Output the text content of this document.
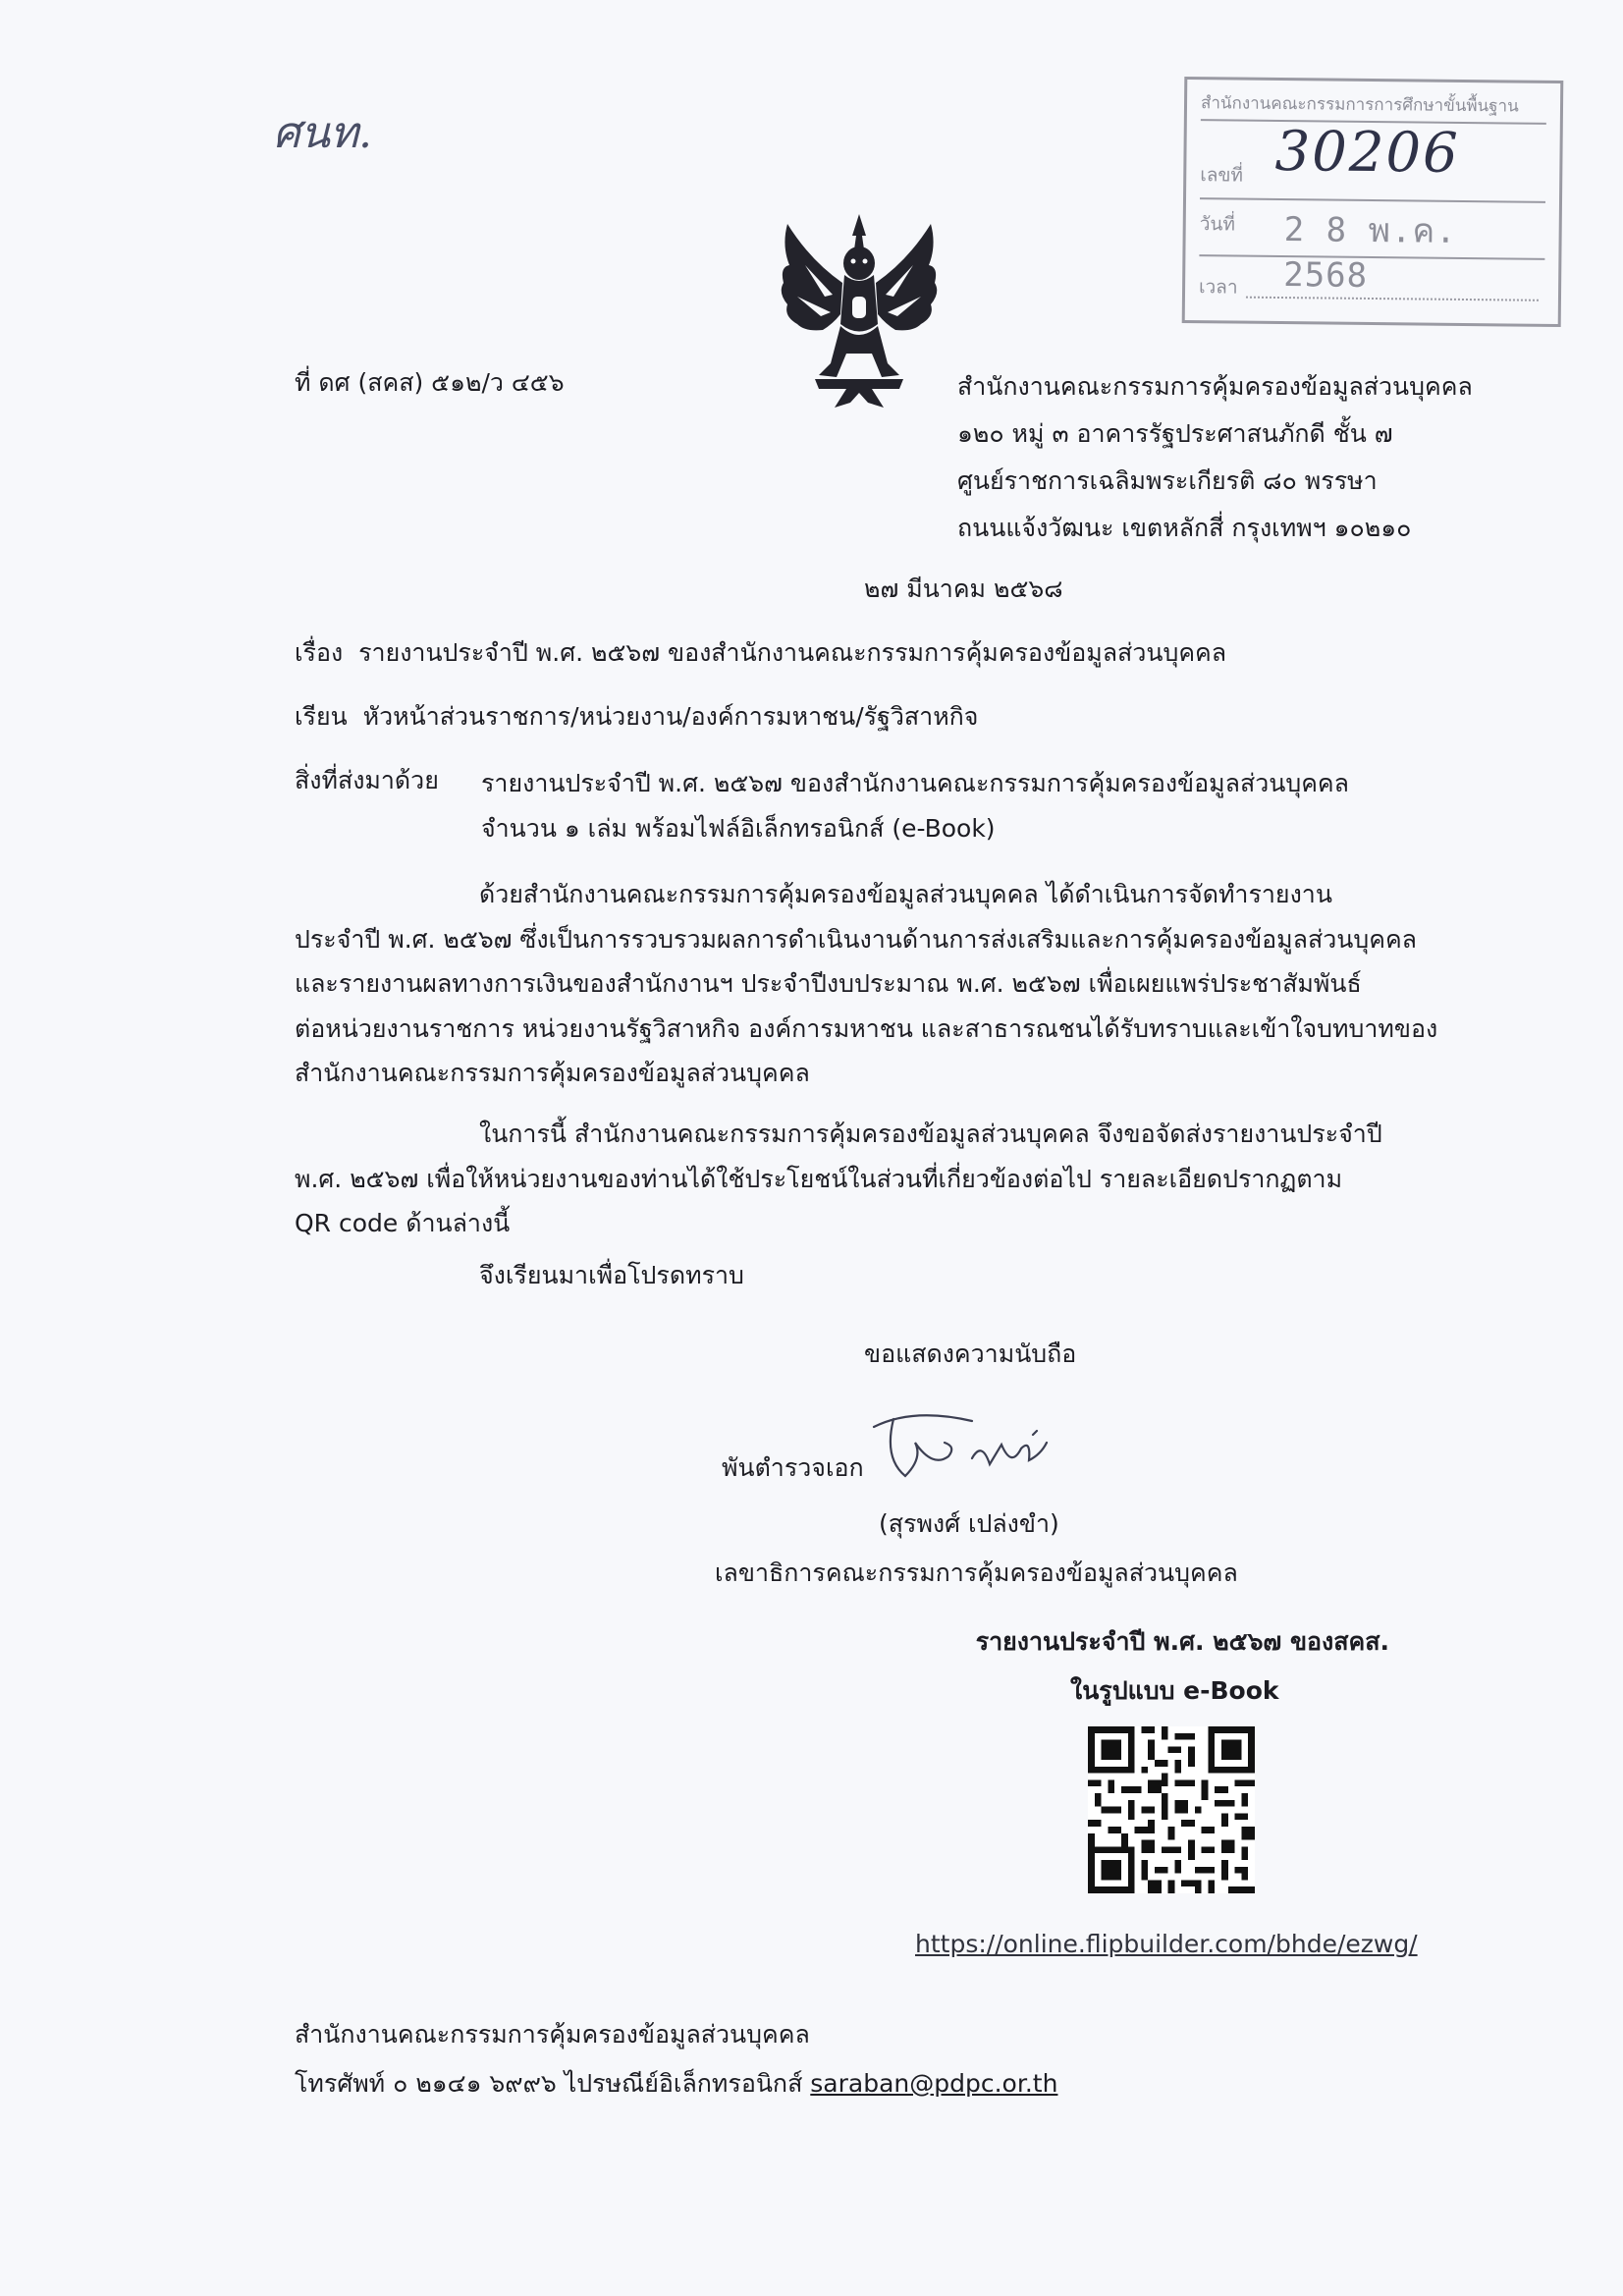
ศนท.
สำนักงานคณะกรรมการการศึกษาขั้นพื้นฐาน
เลขที่ 30206
วันที่ 2 8 พ.ค. 2568
เวลา
ที่ ดศ (สคส) ๕๑๒/ว ๔๕๖	สำนักงานคณะกรรมการคุ้มครองข้อมูลส่วนบุคคล
๑๒๐ หมู่ ๓ อาคารรัฐประศาสนภักดี ชั้น ๗
ศูนย์ราชการเฉลิมพระเกียรติ ๘๐ พรรษา
ถนนแจ้งวัฒนะ เขตหลักสี่ กรุงเทพฯ ๑๐๒๑๐
๒๗ มีนาคม ๒๕๖๘
เรื่อง รายงานประจำปี พ.ศ. ๒๕๖๗ ของสำนักงานคณะกรรมการคุ้มครองข้อมูลส่วนบุคคล
เรียน หัวหน้าส่วนราชการ/หน่วยงาน/องค์การมหาชน/รัฐวิสาหกิจ
สิ่งที่ส่งมาด้วย รายงานประจำปี พ.ศ. ๒๕๖๗ ของสำนักงานคณะกรรมการคุ้มครองข้อมูลส่วนบุคคล
จำนวน ๑ เล่ม พร้อมไฟล์อิเล็กทรอนิกส์ (e-Book)
ด้วยสำนักงานคณะกรรมการคุ้มครองข้อมูลส่วนบุคคล ได้ดำเนินการจัดทำรายงาน
ประจำปี พ.ศ. ๒๕๖๗ ซึ่งเป็นการรวบรวมผลการดำเนินงานด้านการส่งเสริมและการคุ้มครองข้อมูลส่วนบุคคล
และรายงานผลทางการเงินของสำนักงานฯ ประจำปีงบประมาณ พ.ศ. ๒๕๖๗ เพื่อเผยแพร่ประชาสัมพันธ์
ต่อหน่วยงานราชการ หน่วยงานรัฐวิสาหกิจ องค์การมหาชน และสาธารณชนได้รับทราบและเข้าใจบทบาทของ
สำนักงานคณะกรรมการคุ้มครองข้อมูลส่วนบุคคล
ในการนี้ สำนักงานคณะกรรมการคุ้มครองข้อมูลส่วนบุคคล จึงขอจัดส่งรายงานประจำปี
พ.ศ. ๒๕๖๗ เพื่อให้หน่วยงานของท่านได้ใช้ประโยชน์ในส่วนที่เกี่ยวข้องต่อไป รายละเอียดปรากฏตาม
QR code ด้านล่างนี้
จึงเรียนมาเพื่อโปรดทราบ
ขอแสดงความนับถือ
พันตำรวจเอก
(สุรพงศ์ เปล่งขำ)
เลขาธิการคณะกรรมการคุ้มครองข้อมูลส่วนบุคคล
รายงานประจำปี พ.ศ. ๒๕๖๗ ของสคส.
ในรูปแบบ e-Book
https://online.flipbuilder.com/bhde/ezwg/
สำนักงานคณะกรรมการคุ้มครองข้อมูลส่วนบุคคล
โทรศัพท์ ๐ ๒๑๔๑ ๖๙๙๖ ไปรษณีย์อิเล็กทรอนิกส์ saraban@pdpc.or.th
